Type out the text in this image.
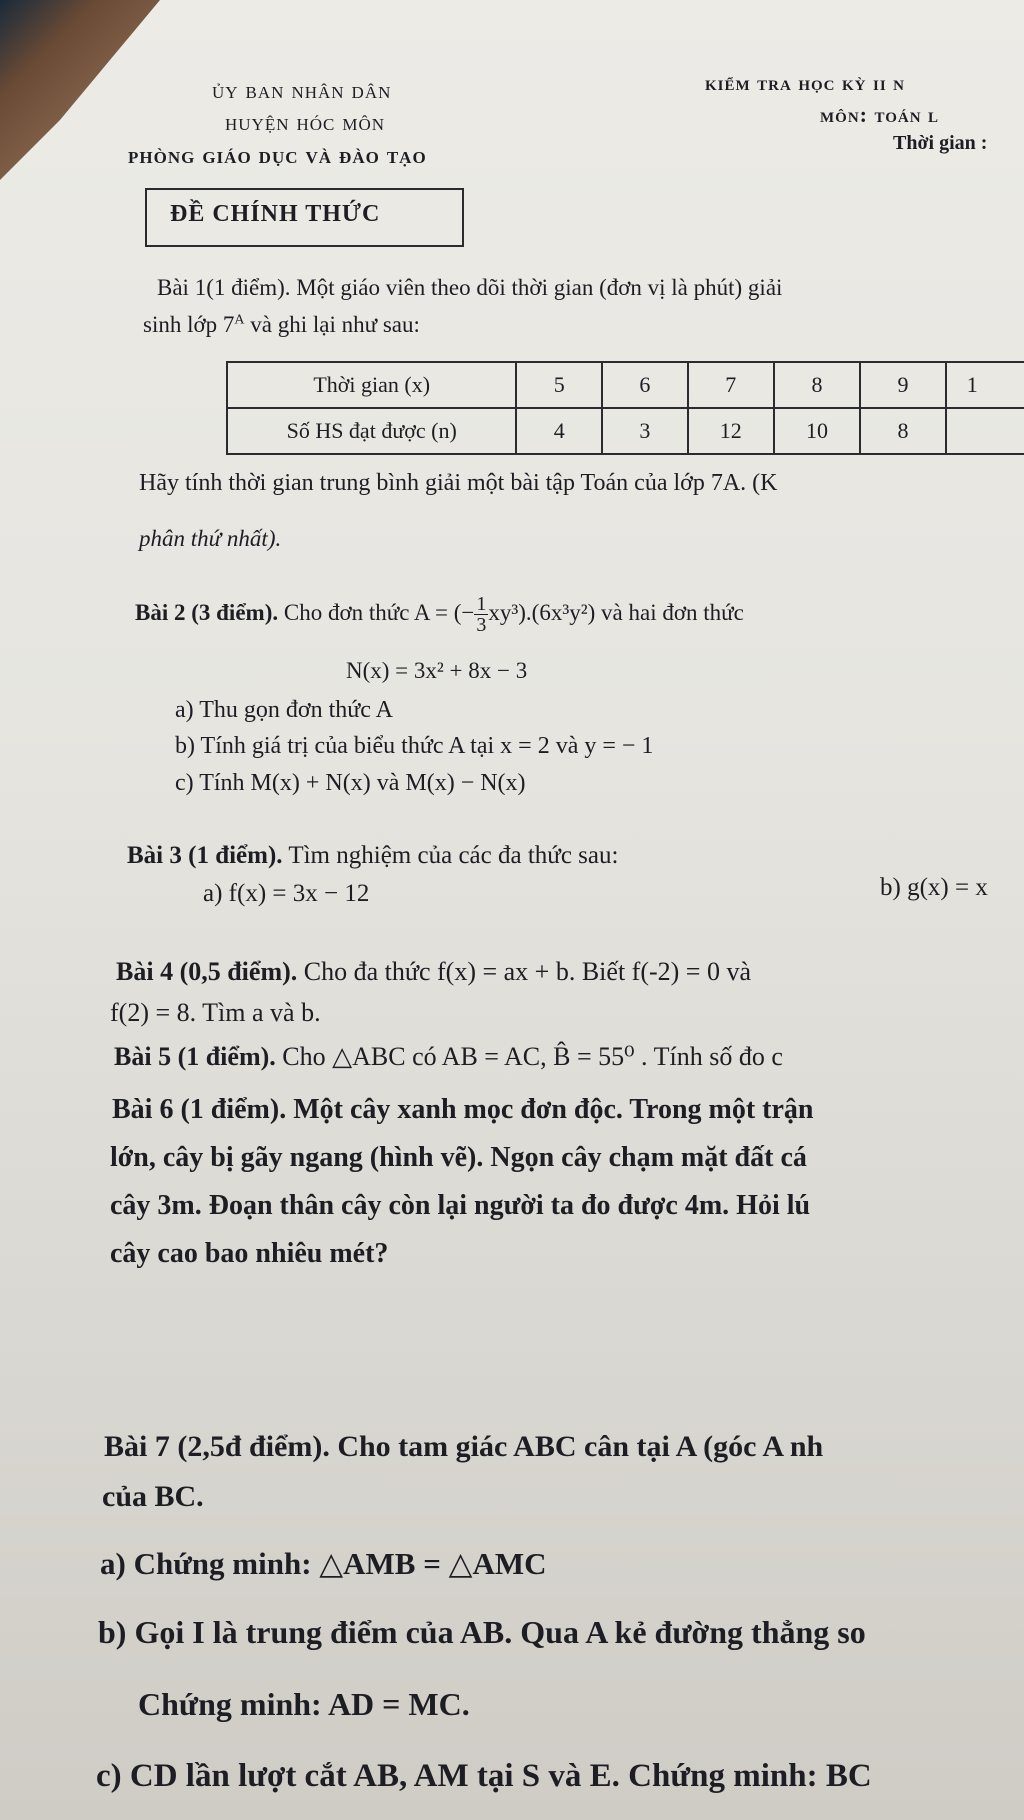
ủy ban nhân dân
huyện hóc môn
phòng giáo dục và đào tạo
kiểm tra học kỳ ii n
môn: toán l
Thời gian :
ĐỀ CHÍNH THỨC
Bài 1(1 điểm). Một giáo viên theo dõi thời gian (đơn vị là phút) giải
sinh lớp $7^A$ và ghi lại như sau:
Thời gian (x)	5	6	7	8	9	1
Số HS đạt được (n)	4	3	12	10	8	
Hãy tính thời gian trung bình giải một bài tập Toán của lớp 7A. (K
phân thứ nhất).
Bài 2 (3 điểm). Cho đơn thức A = (− $\frac{1}{3} xy^3).(6x^3y^2)$ và hai đơn thức
N(x) = 3x² + 8x − 3
a) Thu gọn đơn thức A
b) Tính giá trị của biểu thức A tại x = 2 và y = − 1
c) Tính M(x) + N(x) và M(x) − N(x)
Bài 3 (1 điểm). Tìm nghiệm của các đa thức sau:
a) f(x) = 3x − 12	b) g(x) = x
Bài 4 (0,5 điểm). Cho đa thức f(x) = ax + b. Biết f(-2) = 0 và
f(2) = 8. Tìm a và b.
Bài 5 (1 điểm). Cho △ABC có AB = AC, B̂ = 55⁰ . Tính số đo c
Bài 6 (1 điểm). Một cây xanh mọc đơn độc. Trong một trận
lớn, cây bị gãy ngang (hình vẽ). Ngọn cây chạm mặt đất cá
cây 3m. Đoạn thân cây còn lại người ta đo được 4m. Hỏi lú
cây cao bao nhiêu mét?
Bài 7 (2,5đ điểm). Cho tam giác ABC cân tại A (góc A nh
của BC.
a) Chứng minh: △AMB = △AMC
b) Gọi I là trung điểm của AB. Qua A kẻ đường thẳng so
Chứng minh: AD = MC.
c) CD lần lượt cắt AB, AM tại S và E. Chứng minh: BC
